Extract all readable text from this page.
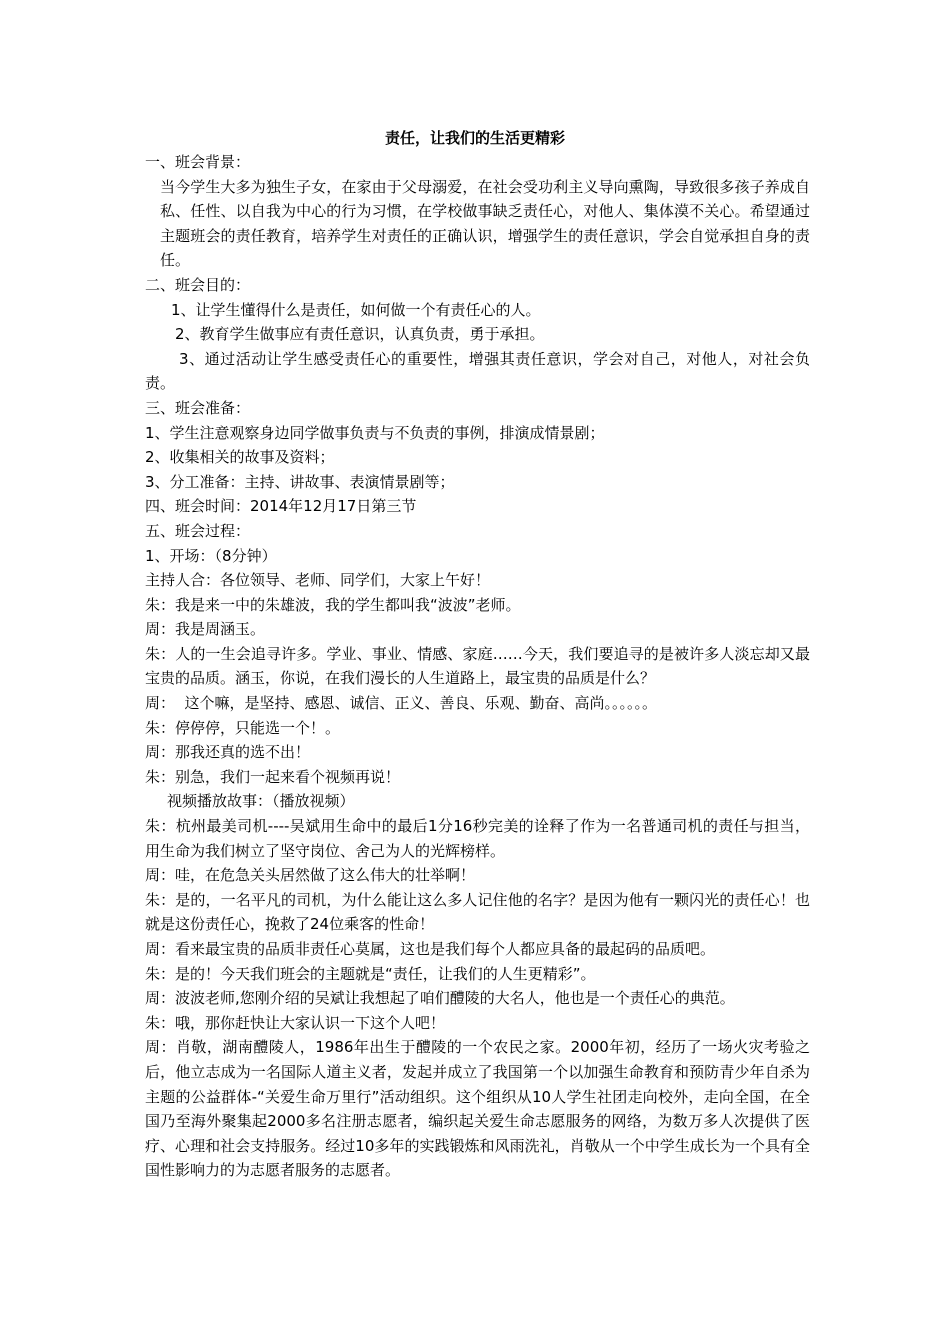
责任，让我们的生活更精彩
一、班会背景：
当今学生大多为独生子女，在家由于父母溺爱，在社会受功利主义导向熏陶，导致很多孩子养成自私、任性、以自我为中心的行为习惯，在学校做事缺乏责任心，对他人、集体漠不关心。希望通过主题班会的责任教育，培养学生对责任的正确认识，增强学生的责任意识，学会自觉承担自身的责任。
二、班会目的：
1、让学生懂得什么是责任，如何做一个有责任心的人。
2、教育学生做事应有责任意识，认真负责，勇于承担。
3、通过活动让学生感受责任心的重要性，增强其责任意识，学会对自己，对他人，对社会负责。
三、班会准备：
1、学生注意观察身边同学做事负责与不负责的事例，排演成情景剧；
2、收集相关的故事及资料；
3、分工准备：主持、讲故事、表演情景剧等；
四、班会时间：2014年12月17日第三节
五、班会过程：
1、开场：（8分钟）
主持人合：各位领导、老师、同学们，大家上午好！
朱：我是来一中的朱雄波，我的学生都叫我“波波”老师。
周：我是周涵玉。
朱：人的一生会追寻许多。学业、事业、情感、家庭……今天，我们要追寻的是被许多人淡忘却又最宝贵的品质。涵玉，你说，在我们漫长的人生道路上，最宝贵的品质是什么？
周：  这个嘛，是坚持、感恩、诚信、正义、善良、乐观、勤奋、高尚。。。。。。
朱：停停停，只能选一个！。
周：那我还真的选不出！
朱：别急，我们一起来看个视频再说！
视频播放故事：（播放视频）
朱：杭州最美司机----吴斌用生命中的最后1分16秒完美的诠释了作为一名普通司机的责任与担当，用生命为我们树立了坚守岗位、舍己为人的光辉榜样。
周：哇，在危急关头居然做了这么伟大的壮举啊！
朱：是的，一名平凡的司机，为什么能让这么多人记住他的名字？是因为他有一颗闪光的责任心！也就是这份责任心，挽救了24位乘客的性命！
周：看来最宝贵的品质非责任心莫属，这也是我们每个人都应具备的最起码的品质吧。
朱：是的！今天我们班会的主题就是“责任，让我们的人生更精彩”。
周：波波老师,您刚介绍的吴斌让我想起了咱们醴陵的大名人，他也是一个责任心的典范。
朱：哦，那你赶快让大家认识一下这个人吧！
周：肖敬，湖南醴陵人，1986年出生于醴陵的一个农民之家。2000年初，经历了一场火灾考验之后，他立志成为一名国际人道主义者，发起并成立了我国第一个以加强生命教育和预防青少年自杀为主题的公益群体-“关爱生命万里行”活动组织。这个组织从10人学生社团走向校外，走向全国，在全国乃至海外聚集起2000多名注册志愿者，编织起关爱生命志愿服务的网络，为数万多人次提供了医疗、心理和社会支持服务。经过10多年的实践锻炼和风雨洗礼，肖敬从一个中学生成长为一个具有全国性影响力的为志愿者服务的志愿者。
